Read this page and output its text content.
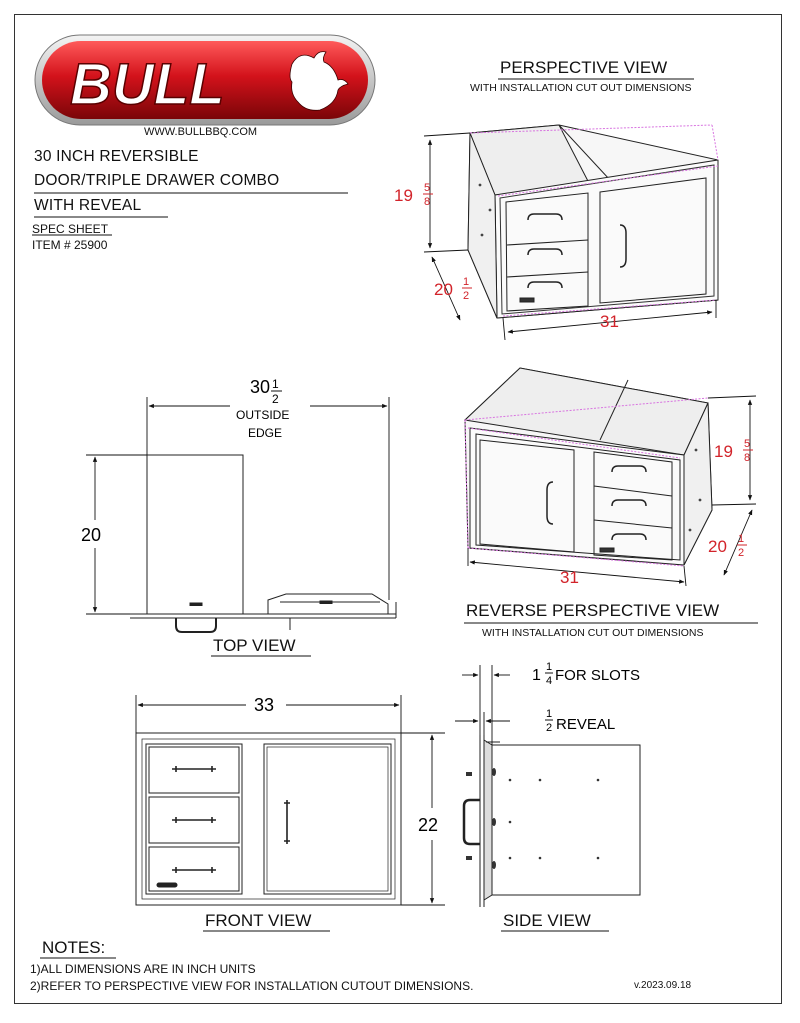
BULL
WWW.BULLBBQ.COM
30 INCH REVERSIBLE
DOOR/TRIPLE DRAWER COMBO
WITH REVEAL
SPEC SHEET
ITEM # 25900
PERSPECTIVE VIEW
WITH INSTALLATION CUT OUT DIMENSIONS
REVERSE PERSPECTIVE VIEW
WITH INSTALLATION CUT OUT DIMENSIONS
TOP VIEW
FRONT VIEW	SIDE VIEW
NOTES:
1)ALL DIMENSIONS ARE IN INCH UNITS
2)REFER TO PERSPECTIVE VIEW FOR INSTALLATION CUTOUT DIMENSIONS.	v.2023.09.18
19 5
8
20 1
2
31
19 5
8
20 1
2
31
30 1
2
OUTSIDE
EDGE
20
33
22
1
4
1 FOR SLOTS
1
2 REVEAL
